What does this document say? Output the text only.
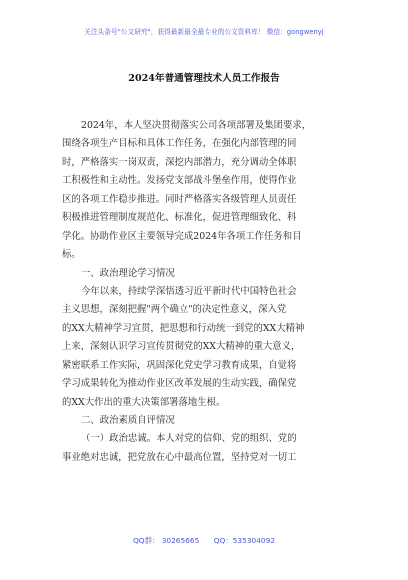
关注头条号"公文研究"，获得最新最全最专业的公文资料库！ 微信：gongwenyj
2024年普通管理技术人员工作报告
2024年，本人坚决贯彻落实公司各项部署及集团要求，
围绕各项生产目标和具体工作任务，在强化内部管理的同
时，严格落实一岗双责，深挖内部潜力，充分调动全体职
工积极性和主动性。发扬党支部战斗堡垒作用，使得作业
区的各项工作稳步推进。同时严格落实各级管理人员责任
积极推进管理制度规范化、标准化，促进管理细致化、科
学化。协助作业区主要领导完成2024年各项工作任务和目
标。
一、政治理论学习情况
今年以来，持续学深悟透习近平新时代中国特色社会
主义思想，深刻把握"两个确立"的决定性意义，深入党
的XX大精神学习宣贯，把思想和行动统一到党的XX大精神
上来，深刻认识学习宣传贯彻党的XX大精神的重大意义，
紧密联系工作实际，巩固深化党史学习教育成果，自觉将
学习成果转化为推动作业区改革发展的生动实践，确保党
的XX大作出的重大决策部署落地生根。
二、政治素质自评情况
（一）政治忠诚。本人对党的信仰、党的组织、党的
事业绝对忠诚，把党放在心中最高位置，坚持党对一切工
QQ群： 30265665 QQ：535304092
